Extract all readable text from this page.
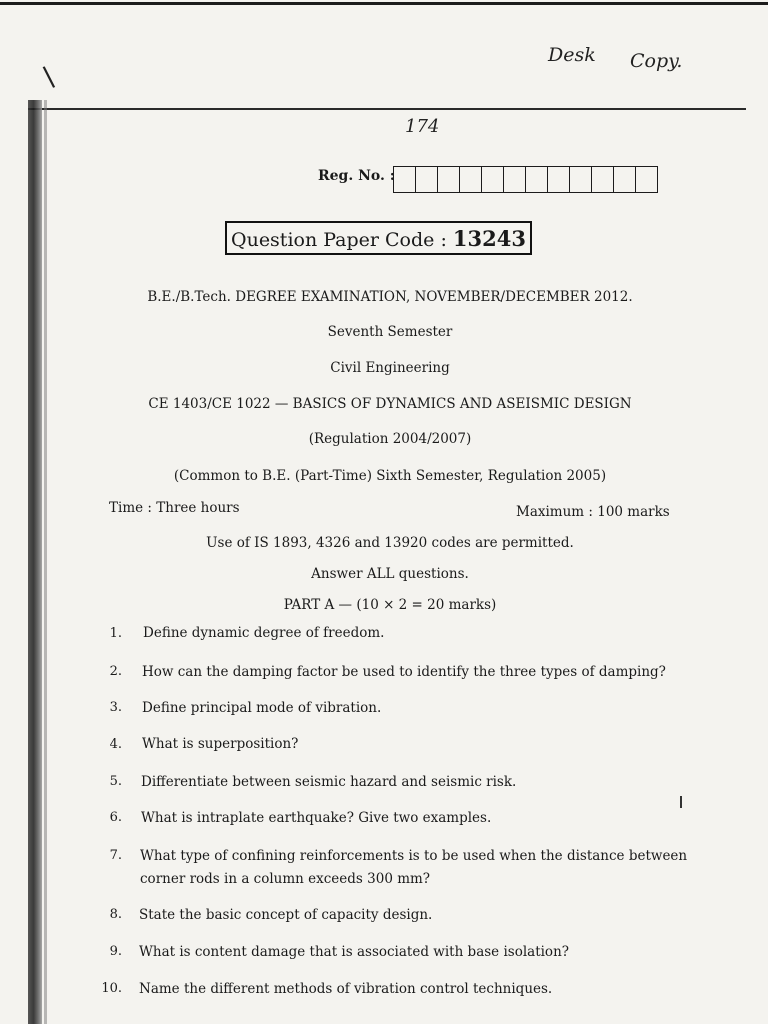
\
Desk Copy.
174
Reg. No. :
Question Paper Code : 13243
B.E./B.Tech. DEGREE EXAMINATION, NOVEMBER/DECEMBER 2012.
Seventh Semester
Civil Engineering
CE 1403/CE 1022 — BASICS OF DYNAMICS AND ASEISMIC DESIGN
(Regulation 2004/2007)
(Common to B.E. (Part-Time) Sixth Semester, Regulation 2005)
Time : Three hours	Maximum : 100 marks
Use of IS 1893, 4326 and 13920 codes are permitted.
Answer ALL questions.
PART A — (10 × 2 = 20 marks)
1. Define dynamic degree of freedom.
2. How can the damping factor be used to identify the three types of damping?
3. Define principal mode of vibration.
4. What is superposition?
5. Differentiate between seismic hazard and seismic risk.
6. What is intraplate earthquake? Give two examples.
7. What type of confining reinforcements is to be used when the distance between
corner rods in a column exceeds 300 mm?
8. State the basic concept of capacity design.
9. What is content damage that is associated with base isolation?
10. Name the different methods of vibration control techniques.
